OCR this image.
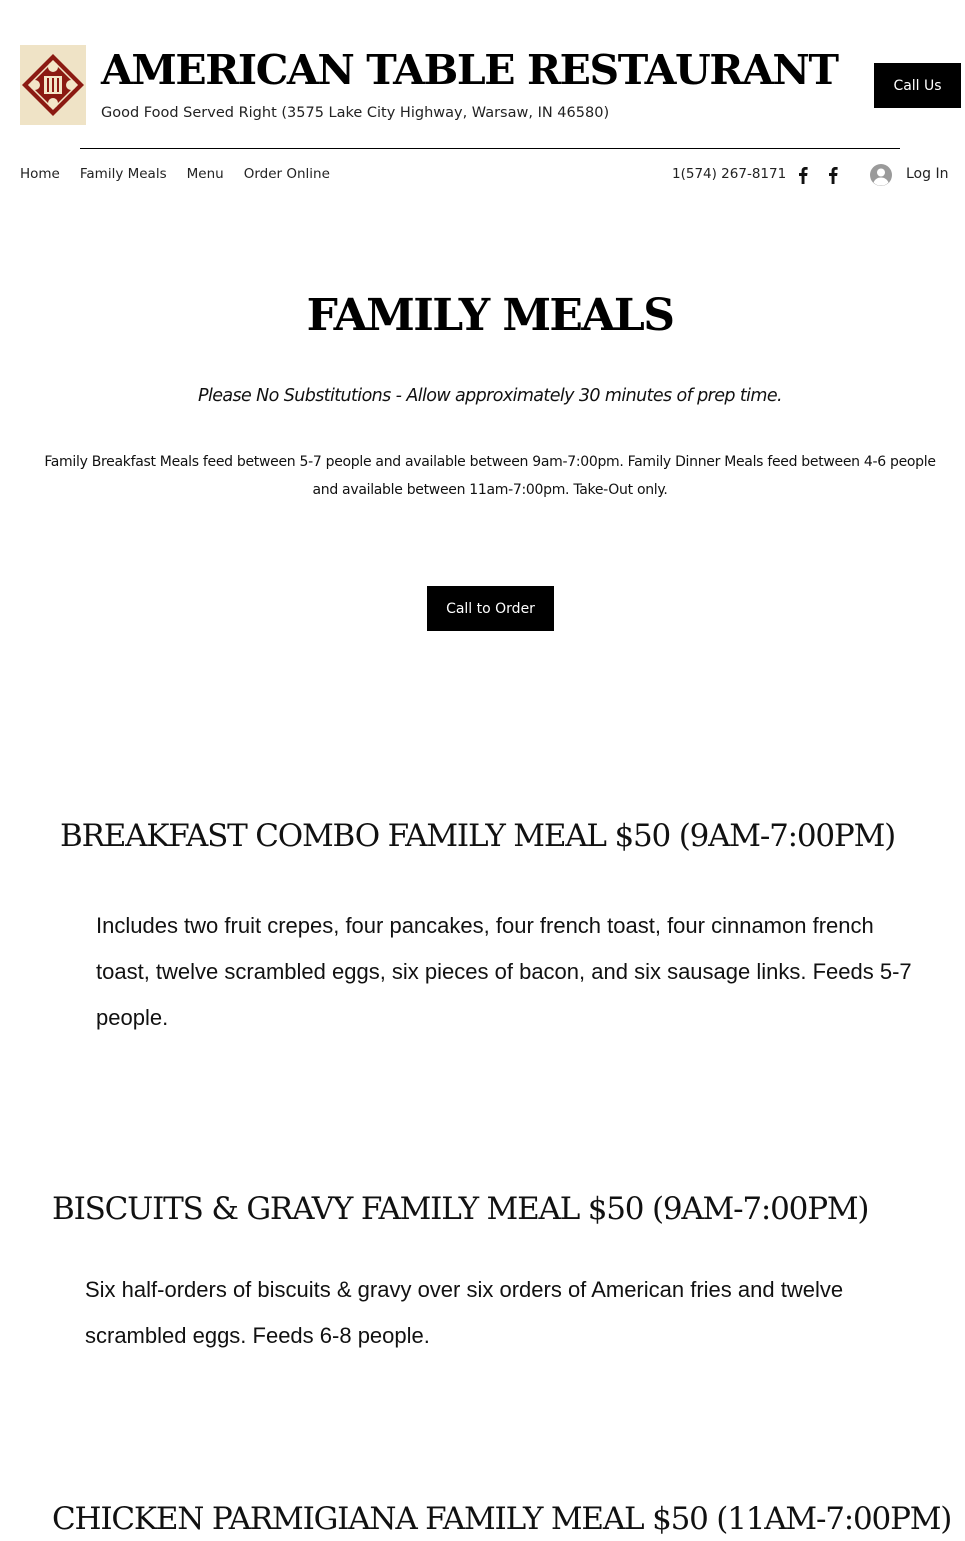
AMERICAN TABLE RESTAURANT
Good Food Served Right (3575 Lake City Highway, Warsaw, IN 46580)
Call Us
Home Family Meals Menu Order Online	1(574) 267-8171	Log In
FAMILY MEALS
Please No Substitutions - Allow approximately 30 minutes of prep time.
Family Breakfast Meals feed between 5-7 people and available between 9am-7:00pm. Family Dinner Meals feed between 4-6 people and available between 11am-7:00pm. Take-Out only.
Call to Order
BREAKFAST COMBO FAMILY MEAL $50 (9AM-7:00PM)
Includes two fruit crepes, four pancakes, four french toast, four cinnamon french toast, twelve scrambled eggs, six pieces of bacon, and six sausage links. Feeds 5-7 people.
BISCUITS & GRAVY FAMILY MEAL $50 (9AM-7:00PM)
Six half-orders of biscuits & gravy over six orders of American fries and twelve scrambled eggs. Feeds 6-8 people.
CHICKEN PARMIGIANA FAMILY MEAL $50 (11AM-7:00PM)
